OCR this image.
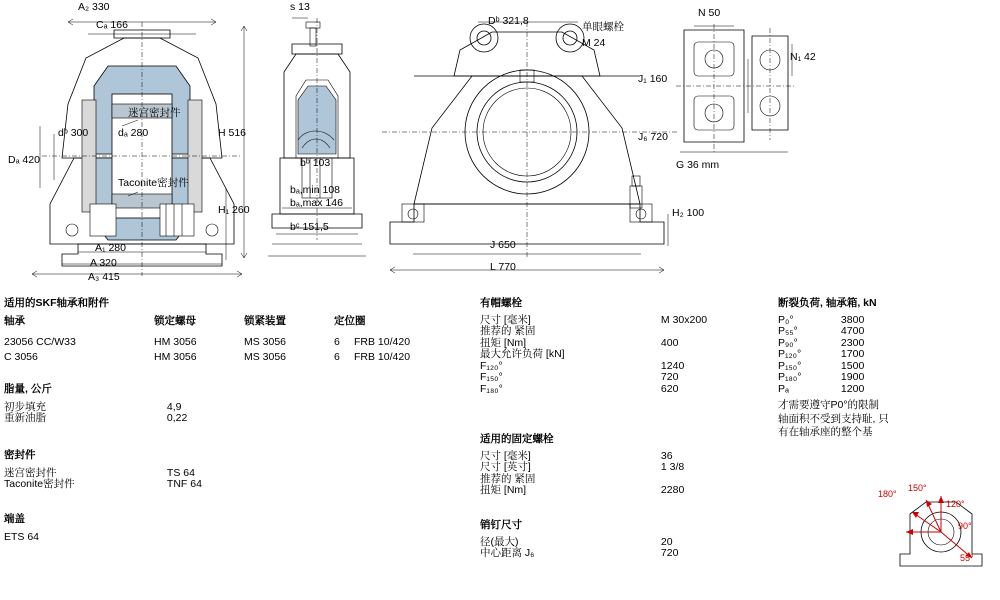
A₂ 330
Cₐ 166
dᵇ 300	dₐ 280
Dₐ 420
H 516
H₁ 260
A₁ 280
A 320
A₃ 415
迷宫密封件
Taconite密封件
s 13
bᵇ 103
bₐ,min 108
bₐ,max 146
bᶜ 151,5
Dᵇ 321,8	单眼螺栓
M 24
G 36 mm
H₂ 100
J 650
L 770
N 50
N₁ 42
J₁ 160
J₆ 720
适用的SKF轴承和附件
轴承	锁定螺母	锁紧装置	定位圈
23056 CC/W33	HM 3056	MS 3056	6	FRB 10/420
C 3056	HM 3056	MS 3056	6	FRB 10/420
脂量, 公斤
初步填充	4,9
重新油脂	0,22
密封件
迷宫密封件	TS 64
Taconite密封件	TNF 64
端盖
ETS 64
有帽螺栓
尺寸 [毫米]	M 30x200
推荐的 紧固
扭矩 [Nm]	400
最大允许负荷 [kN]
F₁₂₀°	1240
F₁₅₀°	720
F₁₈₀°	620
适用的固定螺栓
尺寸 [毫米]	36
尺寸 [英寸]	1 3/8
推荐的 紧固
扭矩 [Nm]	2280
销钉尺寸
径(最大)	20
中心距离 J₆	720
断裂负荷, 轴承箱, kN
P₀°	3800
P₅₅°	4700
P₉₀°	2300
P₁₂₀°	1700
P₁₅₀°	1500
P₁₈₀°	1900
Pₐ	1200
才需要遵守P0°的限制 轴面积不受到支持耻, 只有在轴承座的整个基
180°
150°
120°
90°
55°
